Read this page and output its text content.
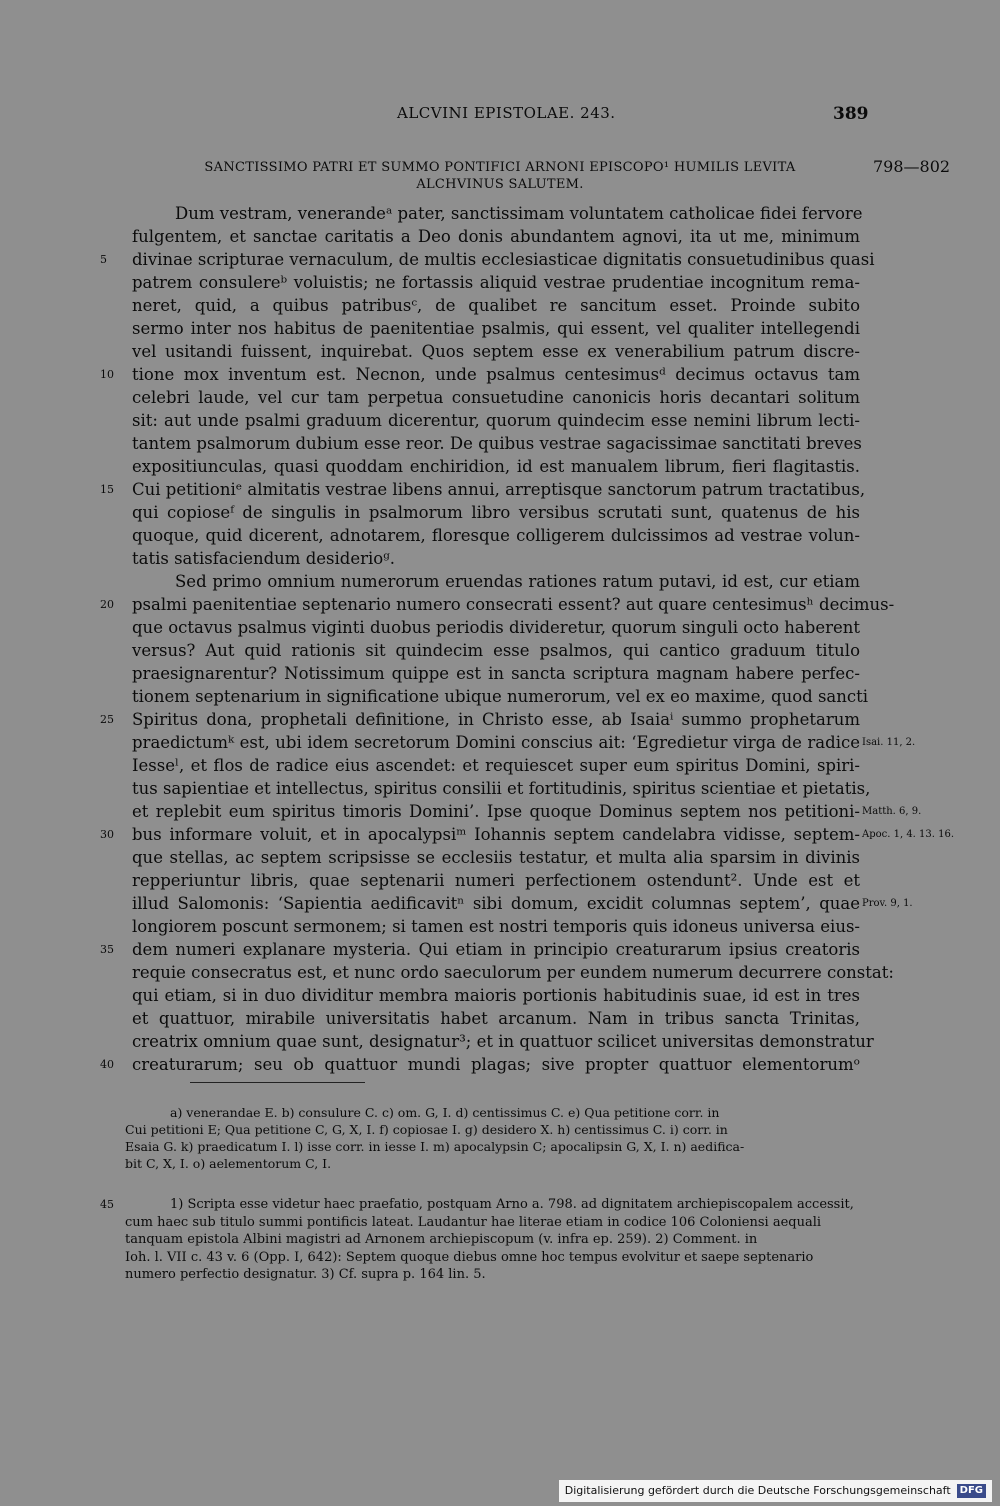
ALCVINI EPISTOLAE. 243.	389
SANCTISSIMO PATRI ET SUMMO PONTIFICI ARNONI EPISCOPO¹ HUMILIS LEVITA
ALCHVINUS SALUTEM.
798—802
Dum vestram, venerandeᵃ pater, sanctissimam voluntatem catholicae fidei fervore
fulgentem, et sanctae caritatis a Deo donis abundantem agnovi, ita ut me, minimum
divinae scripturae vernaculum, de multis ecclesiasticae dignitatis consuetudinibus quasi
patrem consulereᵇ voluistis; ne fortassis aliquid vestrae prudentiae incognitum rema-
neret, quid, a quibus patribusᶜ, de qualibet re sancitum esset. Proinde subito
sermo inter nos habitus de paenitentiae psalmis, qui essent, vel qualiter intellegendi
vel usitandi fuissent, inquirebat. Quos septem esse ex venerabilium patrum discre-
tione mox inventum est. Necnon, unde psalmus centesimusᵈ decimus octavus tam
celebri laude, vel cur tam perpetua consuetudine canonicis horis decantari solitum
sit: aut unde psalmi graduum dicerentur, quorum quindecim esse nemini librum lecti-
tantem psalmorum dubium esse reor. De quibus vestrae sagacissimae sanctitati breves
expositiunculas, quasi quoddam enchiridion, id est manualem librum, fieri flagitastis.
Cui petitioniᵉ almitatis vestrae libens annui, arreptisque sanctorum patrum tractatibus,
qui copioseᶠ de singulis in psalmorum libro versibus scrutati sunt, quatenus de his
quoque, quid dicerent, adnotarem, floresque colligerem dulcissimos ad vestrae volun-
tatis satisfaciendum desiderioᵍ.
Sed primo omnium numerorum eruendas rationes ratum putavi, id est, cur etiam
psalmi paenitentiae septenario numero consecrati essent? aut quare centesimusʰ decimus-
que octavus psalmus viginti duobus periodis divideretur, quorum singuli octo haberent
versus? Aut quid rationis sit quindecim esse psalmos, qui cantico graduum titulo
praesignarentur? Notissimum quippe est in sancta scriptura magnam habere perfec-
tionem septenarium in significatione ubique numerorum, vel ex eo maxime, quod sancti
Spiritus dona, prophetali definitione, in Christo esse, ab Isaiaⁱ summo prophetarum
praedictumᵏ est, ubi idem secretorum Domini conscius ait: ‘Egredietur virga de radice
Iesseˡ, et flos de radice eius ascendet: et requiescet super eum spiritus Domini, spiri-
tus sapientiae et intellectus, spiritus consilii et fortitudinis, spiritus scientiae et pietatis,
et replebit eum spiritus timoris Domini’. Ipse quoque Dominus septem nos petitioni-
bus informare voluit, et in apocalypsiᵐ Iohannis septem candelabra vidisse, septem-
que stellas, ac septem scripsisse se ecclesiis testatur, et multa alia sparsim in divinis
repperiuntur libris, quae septenarii numeri perfectionem ostendunt². Unde est et
illud Salomonis: ‘Sapientia aedificavitⁿ sibi domum, excidit columnas septem’, quae
longiorem poscunt sermonem; si tamen est nostri temporis quis idoneus universa eius-
dem numeri explanare mysteria. Qui etiam in principio creaturarum ipsius creatoris
requie consecratus est, et nunc ordo saeculorum per eundem numerum decurrere constat:
qui etiam, si in duo dividitur membra maioris portionis habitudinis suae, id est in tres
et quattuor, mirabile universitatis habet arcanum. Nam in tribus sancta Trinitas,
creatrix omnium quae sunt, designatur³; et in quattuor scilicet universitas demonstratur
creaturarum; seu ob quattuor mundi plagas; sive propter quattuor elementorumᵒ
5
10
15
20
25
30
35
40
Isai. 11, 2.
Matth. 6, 9.
Apoc. 1, 4. 13. 16.
Prov. 9, 1.
a) venerandae E. b) consulure C. c) om. G, I. d) centissimus C. e) Qua petitione corr. in
Cui petitioni E; Qua petitione C, G, X, I. f) copiosae I. g) desidero X. h) centissimus C. i) corr. in
Esaia G. k) praedicatum I. l) isse corr. in iesse I. m) apocalypsin C; apocalipsin G, X, I. n) aedifica-
bit C, X, I. o) aelementorum C, I.
45	1) Scripta esse videtur haec praefatio, postquam Arno a. 798. ad dignitatem archiepiscopalem accessit,
cum haec sub titulo summi pontificis lateat. Laudantur hae literae etiam in codice 106 Coloniensi aequali
tanquam epistola Albini magistri ad Arnonem archiepiscopum (v. infra ep. 259). 2) Comment. in
Ioh. l. VII c. 43 v. 6 (Opp. I, 642): Septem quoque diebus omne hoc tempus evolvitur et saepe septenario
numero perfectio designatur. 3) Cf. supra p. 164 lin. 5.
Digitalisierung gefördert durch die Deutsche Forschungsgemeinschaft DFG
